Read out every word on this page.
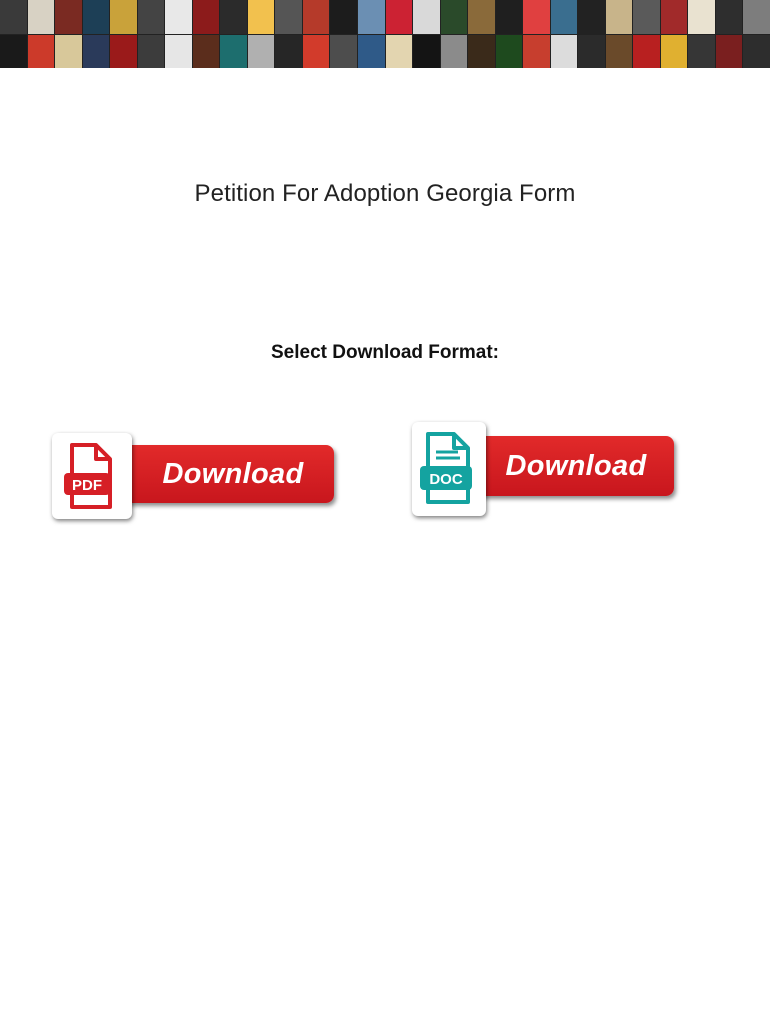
Petition For Adoption Georgia Form
Select Download Format:
Download
PDF
Download
DOC
